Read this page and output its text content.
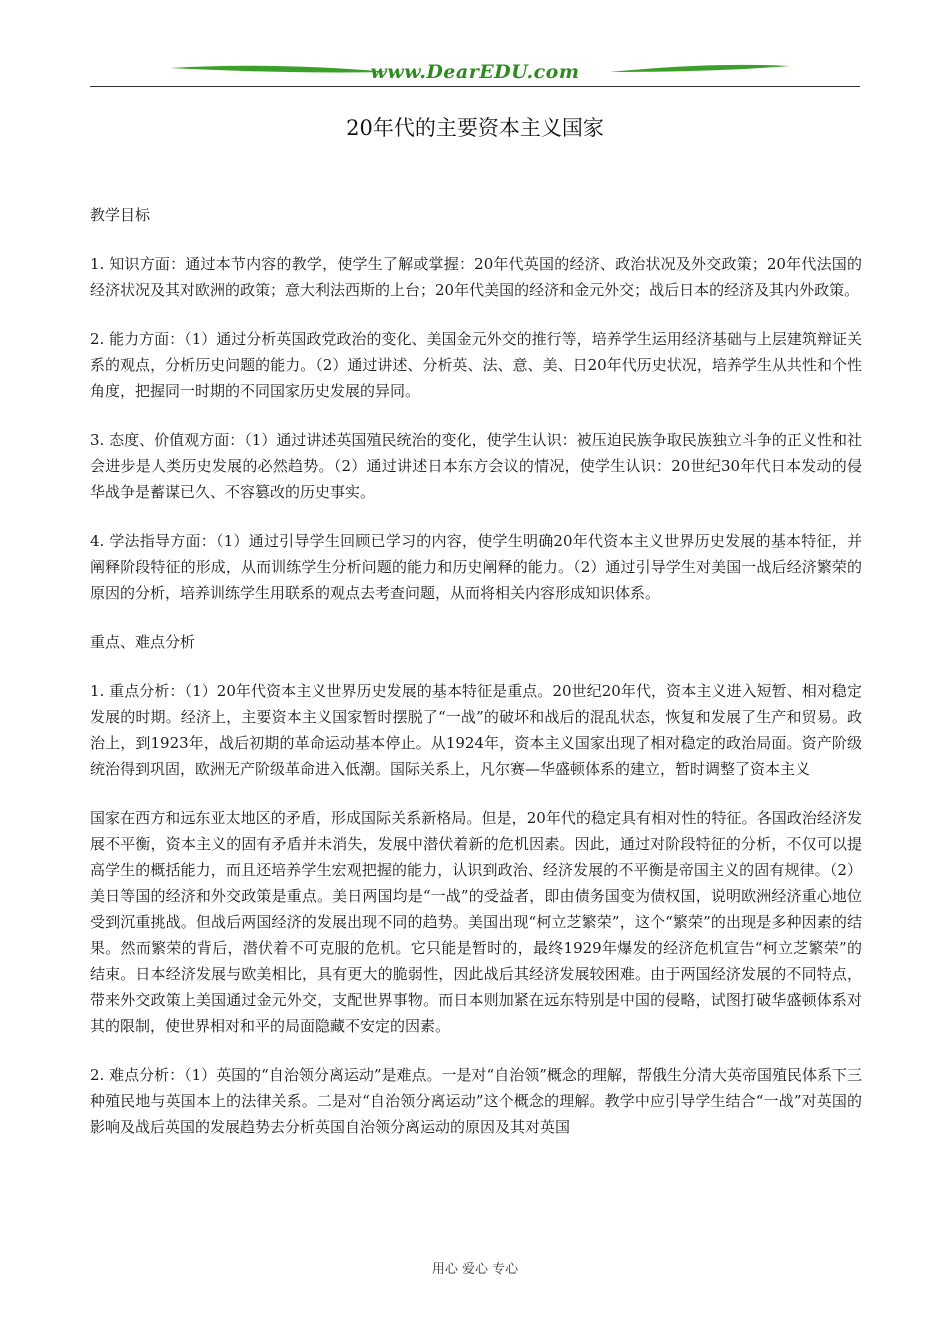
www.DearEDU.com
20年代的主要资本主义国家

教学目标

1. 知识方面：通过本节内容的教学，使学生了解或掌握：20年代英国的经济、政治状况及外交政策；20年代法国的经济状况及其对欧洲的政策；意大利法西斯的上台；20年代美国的经济和金元外交；战后日本的经济及其内外政策。

2. 能力方面：（1）通过分析英国政党政治的变化、美国金元外交的推行等，培养学生运用经济基础与上层建筑辩证关系的观点，分析历史问题的能力。（2）通过讲述、分析英、法、意、美、日20年代历史状况，培养学生从共性和个性角度，把握同一时期的不同国家历史发展的异同。

3. 态度、价值观方面：（1）通过讲述英国殖民统治的变化，使学生认识：被压迫民族争取民族独立斗争的正义性和社会进步是人类历史发展的必然趋势。（2）通过讲述日本东方会议的情况，使学生认识：20世纪30年代日本发动的侵华战争是蓄谋已久、不容篡改的历史事实。

4. 学法指导方面：（1）通过引导学生回顾已学习的内容，使学生明确20年代资本主义世界历史发展的基本特征，并阐释阶段特征的形成，从而训练学生分析问题的能力和历史阐释的能力。（2）通过引导学生对美国一战后经济繁荣的原因的分析，培养训练学生用联系的观点去考查问题，从而将相关内容形成知识体系。

重点、难点分析

1. 重点分析：（1）20年代资本主义世界历史发展的基本特征是重点。20世纪20年代，资本主义进入短暂、相对稳定发展的时期。经济上，主要资本主义国家暂时摆脱了“一战”的破坏和战后的混乱状态，恢复和发展了生产和贸易。政治上，到1923年，战后初期的革命运动基本停止。从1924年，资本主义国家出现了相对稳定的政治局面。资产阶级统治得到巩固，欧洲无产阶级革命进入低潮。国际关系上，凡尔赛—华盛顿体系的建立，暂时调整了资本主义

国家在西方和远东亚太地区的矛盾，形成国际关系新格局。但是，20年代的稳定具有相对性的特征。各国政治经济发展不平衡，资本主义的固有矛盾并未消失，发展中潜伏着新的危机因素。因此，通过对阶段特征的分析，不仅可以提高学生的概括能力，而且还培养学生宏观把握的能力，认识到政治、经济发展的不平衡是帝国主义的固有规律。（2）美日等国的经济和外交政策是重点。美日两国均是“一战”的受益者，即由债务国变为债权国，说明欧洲经济重心地位受到沉重挑战。但战后两国经济的发展出现不同的趋势。美国出现“柯立芝繁荣”，这个“繁荣”的出现是多种因素的结果。然而繁荣的背后，潜伏着不可克服的危机。它只能是暂时的，最终1929年爆发的经济危机宣告“柯立芝繁荣”的结束。日本经济发展与欧美相比，具有更大的脆弱性，因此战后其经济发展较困难。由于两国经济发展的不同特点，带来外交政策上美国通过金元外交，支配世界事物。而日本则加紧在远东特别是中国的侵略，试图打破华盛顿体系对其的限制，使世界相对和平的局面隐藏不安定的因素。

2. 难点分析：（1）英国的“自治领分离运动”是难点。一是对“自治领”概念的理解，帮俄生分清大英帝国殖民体系下三种殖民地与英国本上的法律关系。二是对“自治领分离运动”这个概念的理解。教学中应引导学生结合“一战”对英国的影响及战后英国的发展趋势去分析英国自治领分离运动的原因及其对英国

用心 爱心 专心
